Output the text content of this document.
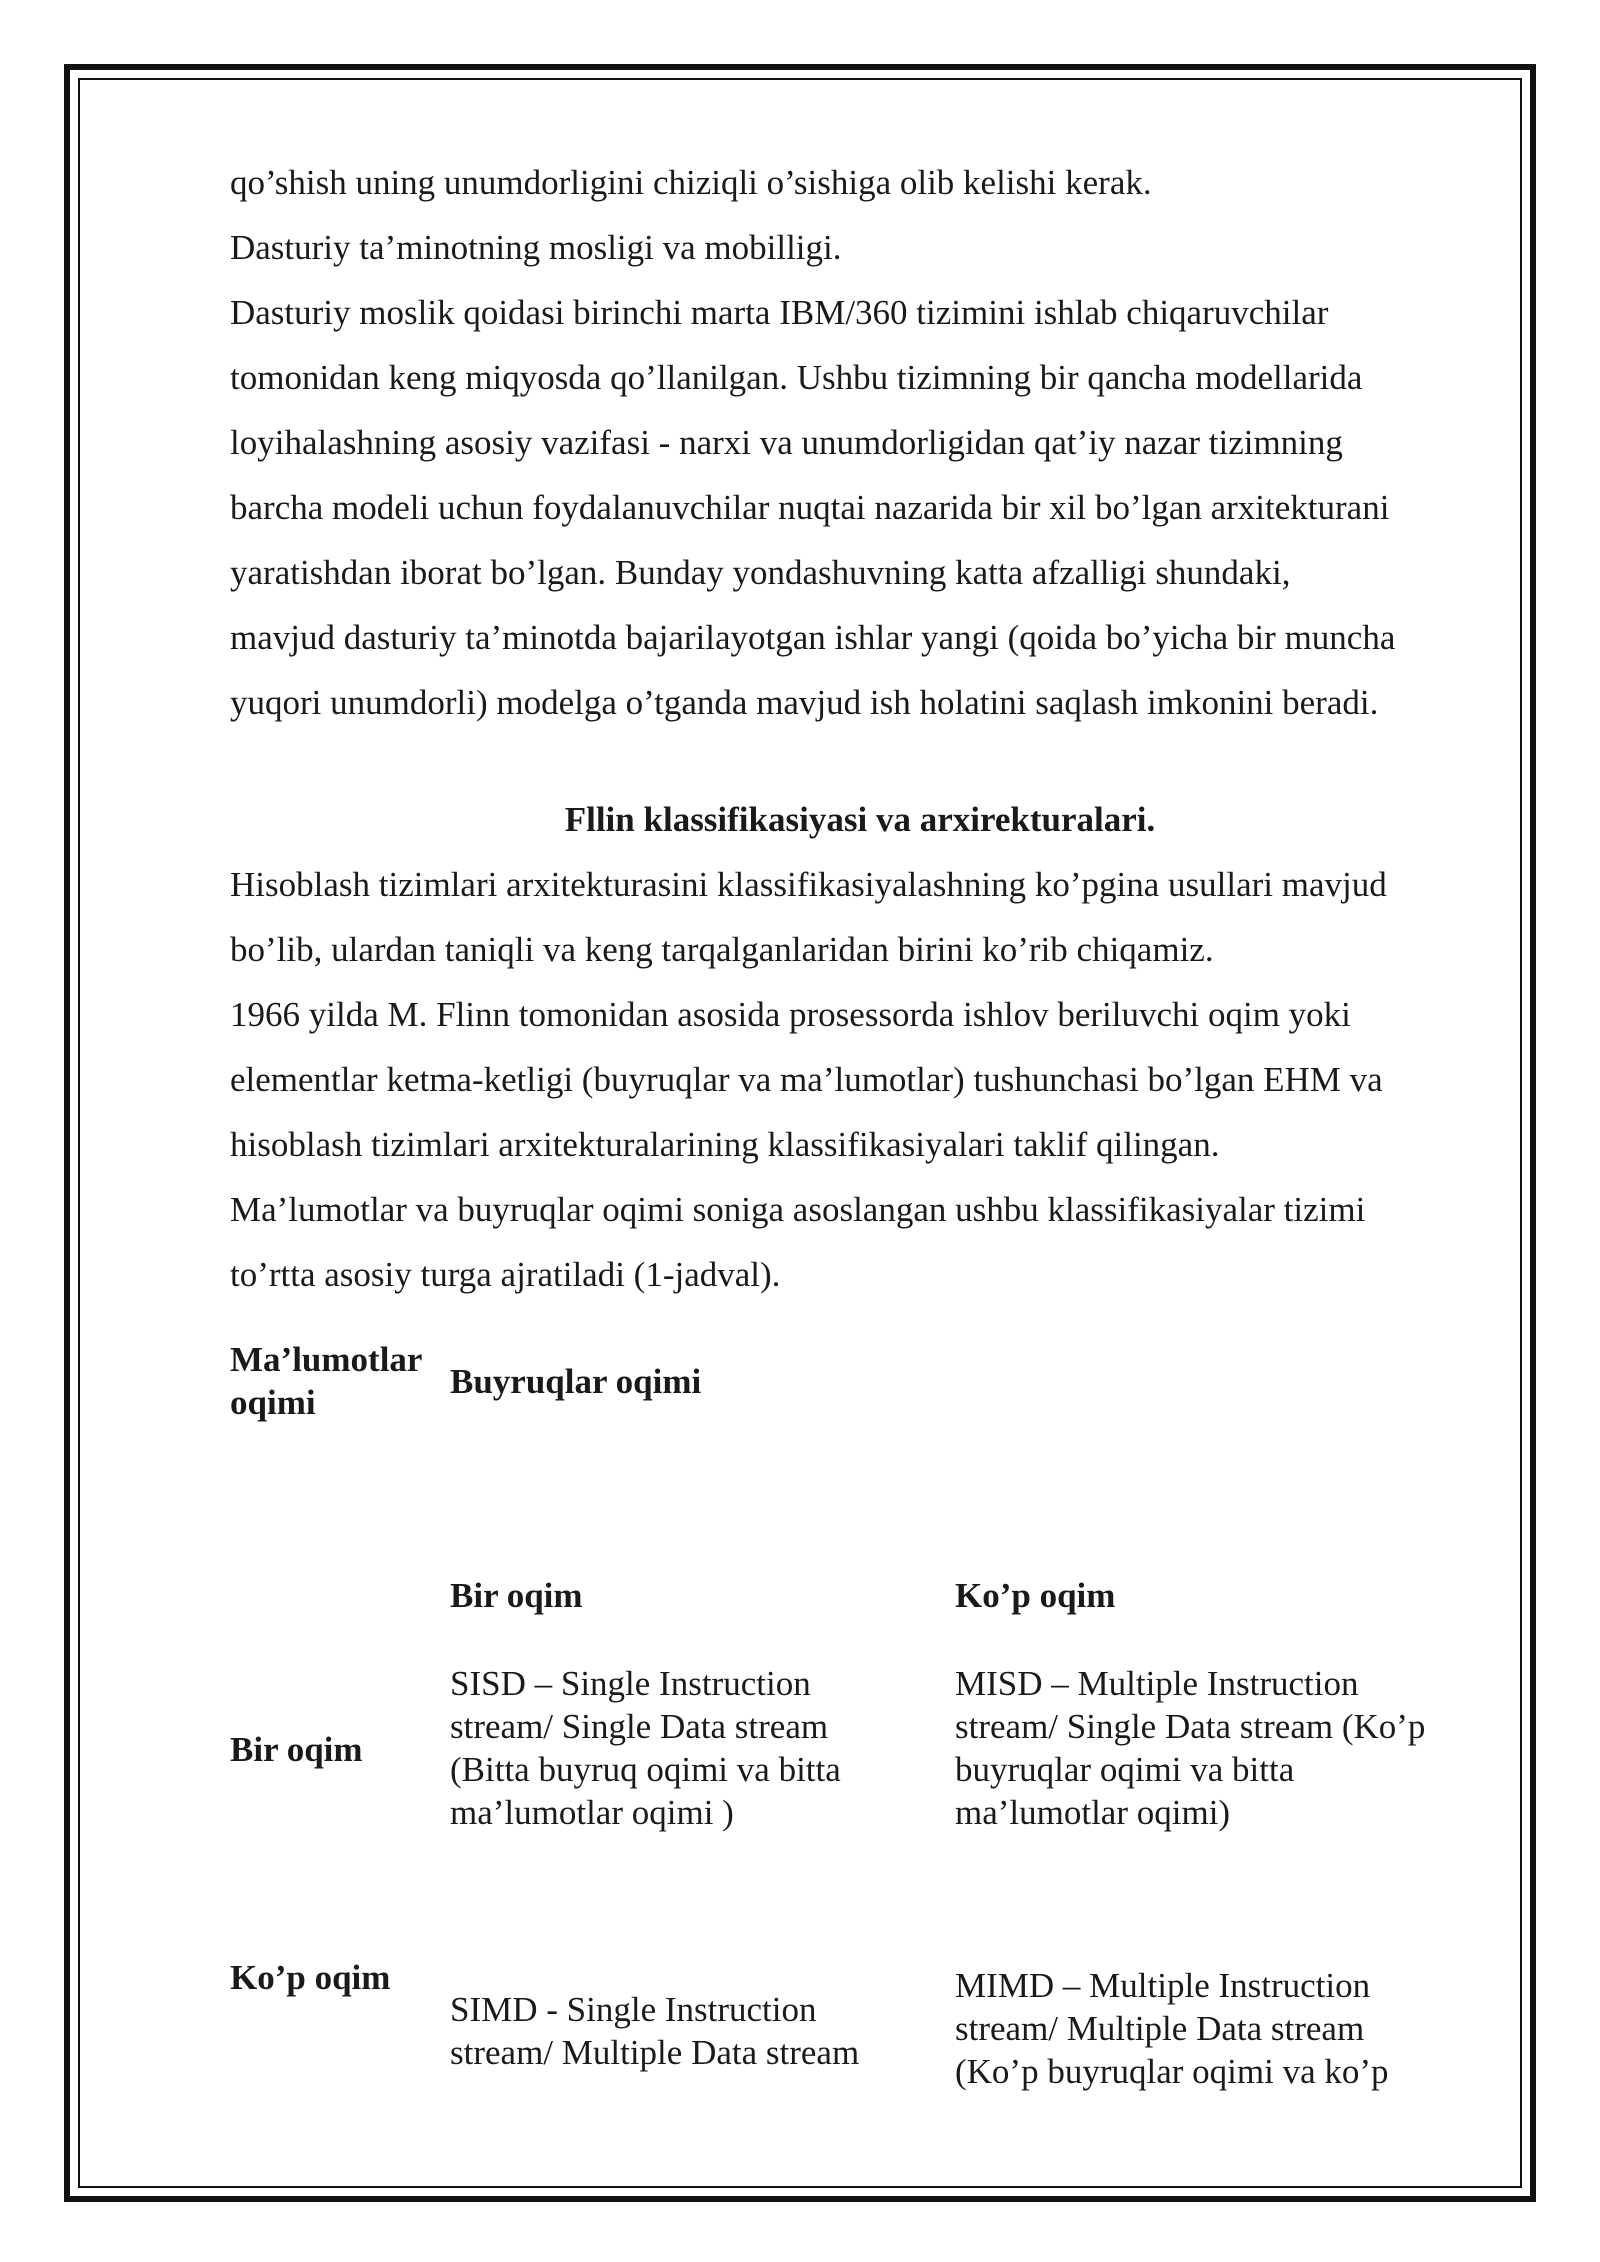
qo’shish uning unumdorligini chiziqli o’sishiga olib kelishi kerak.

Dasturiy ta’minotning mosligi va mobilligi.

Dasturiy moslik qoidasi birinchi marta IBM/360 tizimini ishlab chiqaruvchilar

tomonidan keng miqyosda qo’llanilgan. Ushbu tizimning bir qancha modellarida

loyihalashning asosiy vazifasi - narxi va unumdorligidan qat’iy nazar tizimning

barcha modeli uchun foydalanuvchilar nuqtai nazarida bir xil bo’lgan arxitekturani

yaratishdan iborat bo’lgan. Bunday yondashuvning katta afzalligi shundaki,

mavjud dasturiy ta’minotda bajarilayotgan ishlar yangi (qoida bo’yicha bir muncha

yuqori unumdorli) modelga o’tganda mavjud ish holatini saqlash imkonini beradi.

Fllin klassifikasiyasi va arxirekturalari.

Hisoblash tizimlari arxitekturasini klassifikasiyalashning ko’pgina usullari mavjud

bo’lib, ulardan taniqli va keng tarqalganlaridan birini ko’rib chiqamiz.

1966 yilda M. Flinn tomonidan asosida prosessorda ishlov beriluvchi oqim yoki

elementlar ketma-ketligi (buyruqlar va ma’lumotlar) tushunchasi bo’lgan EHM va

hisoblash tizimlari arxitekturalarining klassifikasiyalari taklif qilingan.

Ma’lumotlar va buyruqlar oqimi soniga asoslangan ushbu klassifikasiyalar tizimi

to’rtta asosiy turga ajratiladi (1-jadval).

Ma’lumotlar
oqimi
Buyruqlar oqimi
Bir oqim	Ko’p oqim
Bir oqim
Ko’p oqim
SISD – Single Instruction
stream/ Single Data stream
(Bitta buyruq oqimi va bitta
ma’lumotlar oqimi )
MISD – Multiple Instruction
stream/ Single Data stream (Ko’p
buyruqlar oqimi va bitta
ma’lumotlar oqimi)
SIMD - Single Instruction
stream/ Multiple Data stream
MIMD – Multiple Instruction
stream/ Multiple Data stream
(Ko’p buyruqlar oqimi va ko’p
